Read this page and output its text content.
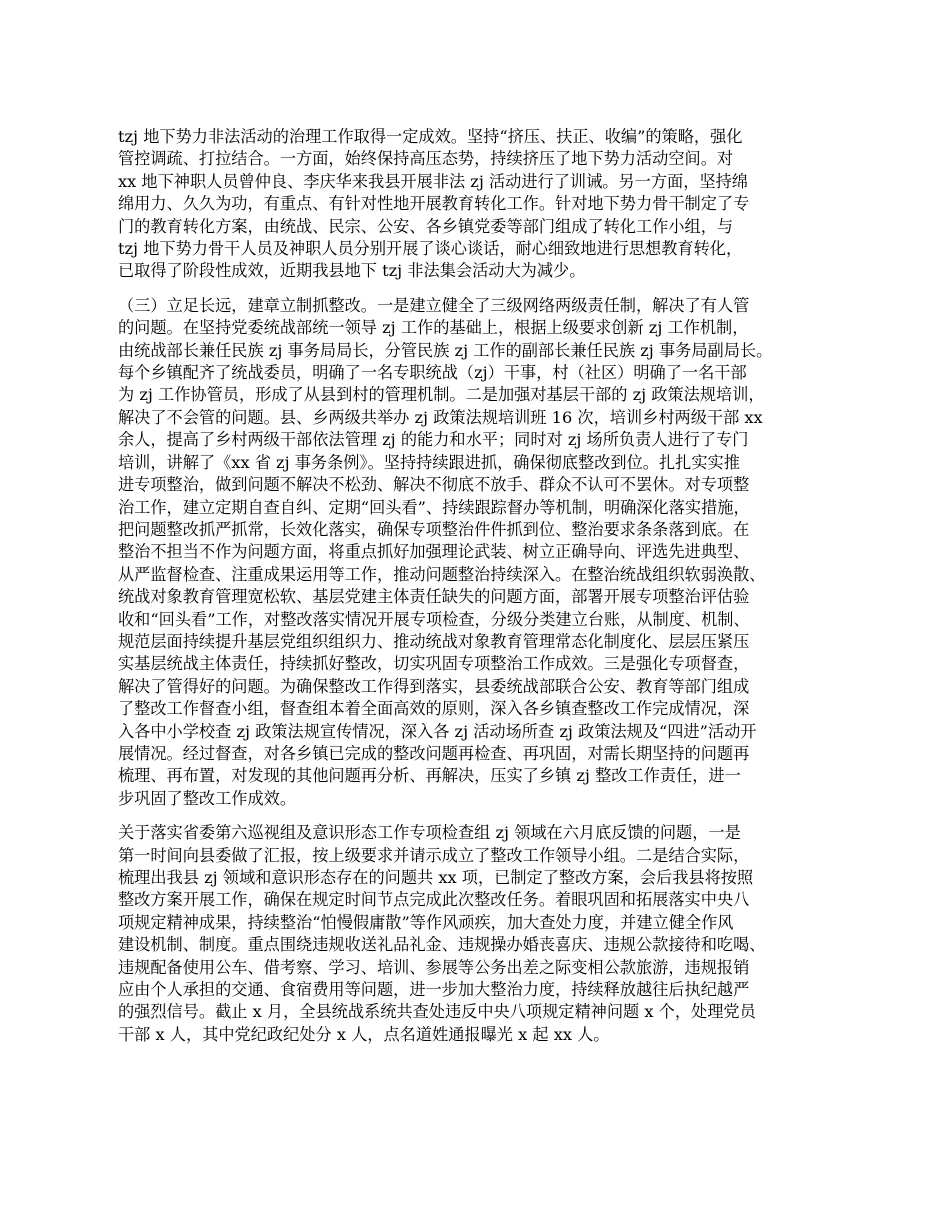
tzj 地下势力非法活动的治理工作取得一定成效。坚持“挤压、扶正、收编”的策略，强化
管控调疏、打拉结合。一方面，始终保持高压态势，持续挤压了地下势力活动空间。对
xx 地下神职人员曾仲良、李庆华来我县开展非法 zj 活动进行了训诫。另一方面，坚持绵
绵用力、久久为功，有重点、有针对性地开展教育转化工作。针对地下势力骨干制定了专
门的教育转化方案，由统战、民宗、公安、各乡镇党委等部门组成了转化工作小组，与
tzj 地下势力骨干人员及神职人员分别开展了谈心谈话，耐心细致地进行思想教育转化，
已取得了阶段性成效，近期我县地下 tzj 非法集会活动大为减少。
（三）立足长远，建章立制抓整改。一是建立健全了三级网络两级责任制，解决了有人管
的问题。在坚持党委统战部统一领导 zj 工作的基础上，根据上级要求创新 zj 工作机制，
由统战部长兼任民族 zj 事务局局长，分管民族 zj 工作的副部长兼任民族 zj 事务局副局长。
每个乡镇配齐了统战委员，明确了一名专职统战（zj）干事，村（社区）明确了一名干部
为 zj 工作协管员，形成了从县到村的管理机制。二是加强对基层干部的 zj 政策法规培训，
解决了不会管的问题。县、乡两级共举办 zj 政策法规培训班 16 次，培训乡村两级干部 xx
余人，提高了乡村两级干部依法管理 zj 的能力和水平；同时对 zj 场所负责人进行了专门
培训，讲解了《xx 省 zj 事务条例》。坚持持续跟进抓，确保彻底整改到位。扎扎实实推
进专项整治，做到问题不解决不松劲、解决不彻底不放手、群众不认可不罢休。对专项整
治工作，建立定期自查自纠、定期“回头看”、持续跟踪督办等机制，明确深化落实措施，
把问题整改抓严抓常，长效化落实，确保专项整治件件抓到位、整治要求条条落到底。在
整治不担当不作为问题方面，将重点抓好加强理论武装、树立正确导向、评选先进典型、
从严监督检查、注重成果运用等工作，推动问题整治持续深入。在整治统战组织软弱涣散、
统战对象教育管理宽松软、基层党建主体责任缺失的问题方面，部署开展专项整治评估验
收和“回头看”工作，对整改落实情况开展专项检查，分级分类建立台账，从制度、机制、
规范层面持续提升基层党组织组织力、推动统战对象教育管理常态化制度化、层层压紧压
实基层统战主体责任，持续抓好整改，切实巩固专项整治工作成效。三是强化专项督查，
解决了管得好的问题。为确保整改工作得到落实，县委统战部联合公安、教育等部门组成
了整改工作督查小组，督查组本着全面高效的原则，深入各乡镇查整改工作完成情况，深
入各中小学校查 zj 政策法规宣传情况，深入各 zj 活动场所查 zj 政策法规及“四进”活动开
展情况。经过督查，对各乡镇已完成的整改问题再检查、再巩固，对需长期坚持的问题再
梳理、再布置，对发现的其他问题再分析、再解决，压实了乡镇 zj 整改工作责任，进一
步巩固了整改工作成效。
关于落实省委第六巡视组及意识形态工作专项检查组 zj 领域在六月底反馈的问题，一是
第一时间向县委做了汇报，按上级要求并请示成立了整改工作领导小组。二是结合实际，
梳理出我县 zj 领域和意识形态存在的问题共 xx 项，已制定了整改方案，会后我县将按照
整改方案开展工作，确保在规定时间节点完成此次整改任务。着眼巩固和拓展落实中央八
项规定精神成果，持续整治“怕慢假庸散”等作风顽疾，加大查处力度，并建立健全作风
建设机制、制度。重点围绕违规收送礼品礼金、违规操办婚丧喜庆、违规公款接待和吃喝、
违规配备使用公车、借考察、学习、培训、参展等公务出差之际变相公款旅游，违规报销
应由个人承担的交通、食宿费用等问题，进一步加大整治力度，持续释放越往后执纪越严
的强烈信号。截止 x 月，全县统战系统共查处违反中央八项规定精神问题 x 个，处理党员
干部 x 人，其中党纪政纪处分 x 人，点名道姓通报曝光 x 起 xx 人。
